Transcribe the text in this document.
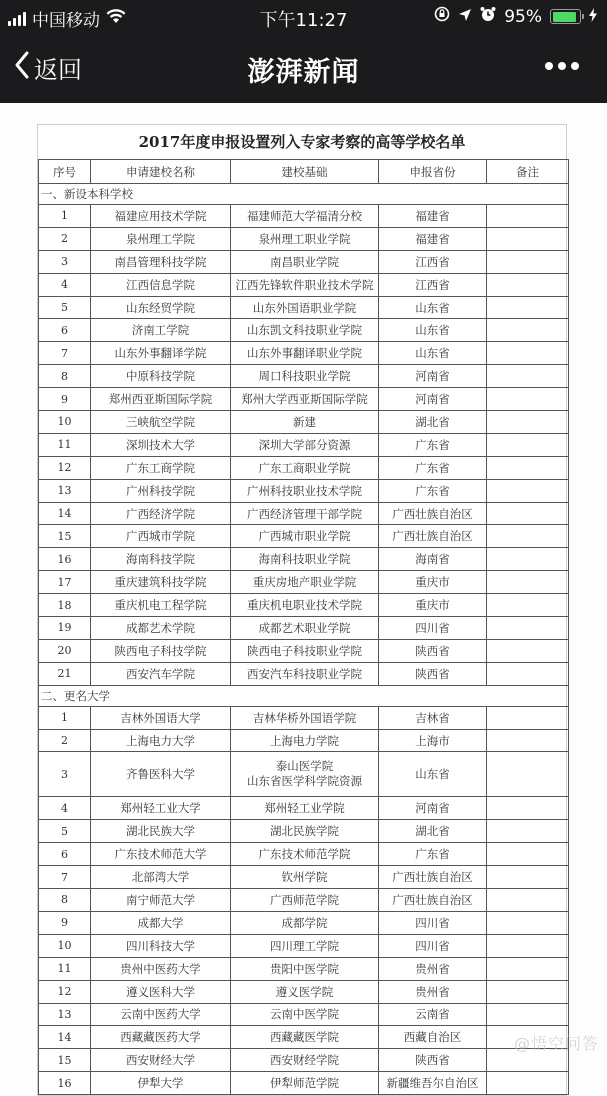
中国移动	下午11:27	95%
返回	澎湃新闻
2017年度申报设置列入专家考察的高等学校名单
序号	申请建校名称	建校基础	申报省份	备注
一、新设本科学校				
1	福建应用技术学院	福建师范大学福清分校	福建省	
2	泉州理工学院	泉州理工职业学院	福建省	
3	南昌管理科技学院	南昌职业学院	江西省	
4	江西信息学院	江西先锋软件职业技术学院	江西省	
5	山东经贸学院	山东外国语职业学院	山东省	
6	济南工学院	山东凯文科技职业学院	山东省	
7	山东外事翻译学院	山东外事翻译职业学院	山东省	
8	中原科技学院	周口科技职业学院	河南省	
9	郑州西亚斯国际学院	郑州大学西亚斯国际学院	河南省	
10	三峡航空学院	新建	湖北省	
11	深圳技术大学	深圳大学部分资源	广东省	
12	广东工商学院	广东工商职业学院	广东省	
13	广州科技学院	广州科技职业技术学院	广东省	
14	广西经济学院	广西经济管理干部学院	广西壮族自治区	
15	广西城市学院	广西城市职业学院	广西壮族自治区	
16	海南科技学院	海南科技职业学院	海南省	
17	重庆建筑科技学院	重庆房地产职业学院	重庆市	
18	重庆机电工程学院	重庆机电职业技术学院	重庆市	
19	成都艺术学院	成都艺术职业学院	四川省	
20	陕西电子科技学院	陕西电子科技职业学院	陕西省	
21	西安汽车学院	西安汽车科技职业学院	陕西省	
二、更名大学				
1	吉林外国语大学	吉林华桥外国语学院	吉林省	
2	上海电力大学	上海电力学院	上海市	
3	齐鲁医科大学	泰山医学院
山东省医学科学院资源	山东省	
4	郑州轻工业大学	郑州轻工业学院	河南省	
5	湖北民族大学	湖北民族学院	湖北省	
6	广东技术师范大学	广东技术师范学院	广东省	
7	北部湾大学	钦州学院	广西壮族自治区	
8	南宁师范大学	广西师范学院	广西壮族自治区	
9	成都大学	成都学院	四川省	
10	四川科技大学	四川理工学院	四川省	
11	贵州中医药大学	贵阳中医学院	贵州省	
12	遵义医科大学	遵义医学院	贵州省	
13	云南中医药大学	云南中医学院	云南省	
14	西藏藏医药大学	西藏藏医学院	西藏自治区	
15	西安财经大学	西安财经学院	陕西省	
16	伊犁大学	伊犁师范学院	新疆维吾尔自治区	
@悟空问答
